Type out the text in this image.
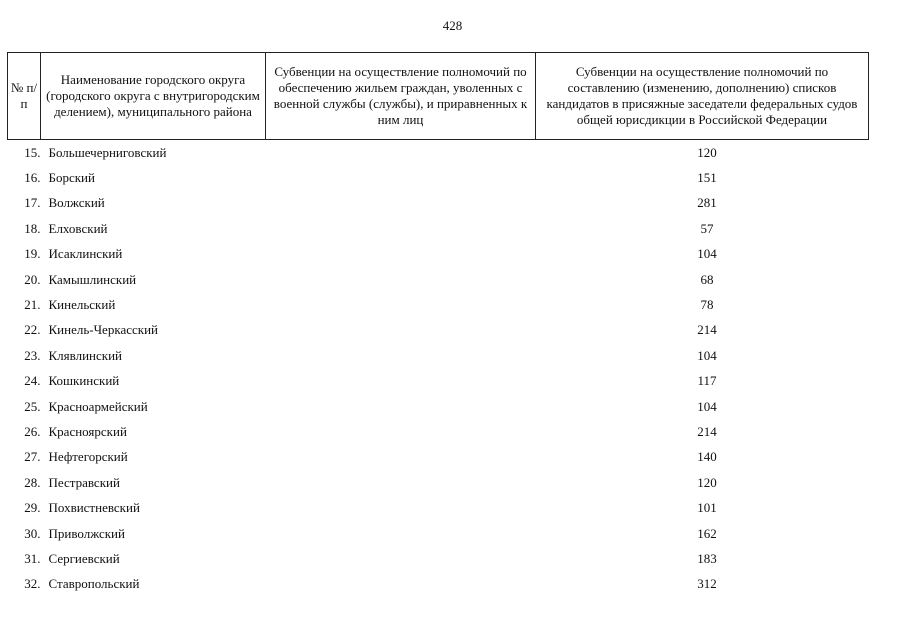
428
№ п/п	Наименование городского округа (городского округа с внутригородским делением), муниципального района	Субвенции на осуществление полномочий по обеспечению жильем граждан, уволенных с военной службы (службы), и приравненных к ним лиц	Субвенции на осуществление полномочий по составлению (изменению, дополнению) списков кандидатов в присяжные заседатели федеральных судов общей юрисдикции в Российской Федерации
15.	Большечерниговский		120
16.	Борский		151
17.	Волжский		281
18.	Елховский		57
19.	Исаклинский		104
20.	Камышлинский		68
21.	Кинельский		78
22.	Кинель-Черкасский		214
23.	Клявлинский		104
24.	Кошкинский		117
25.	Красноармейский		104
26.	Красноярский		214
27.	Нефтегорский		140
28.	Пестравский		120
29.	Похвистневский		101
30.	Приволжский		162
31.	Сергиевский		183
32.	Ставропольский		312
